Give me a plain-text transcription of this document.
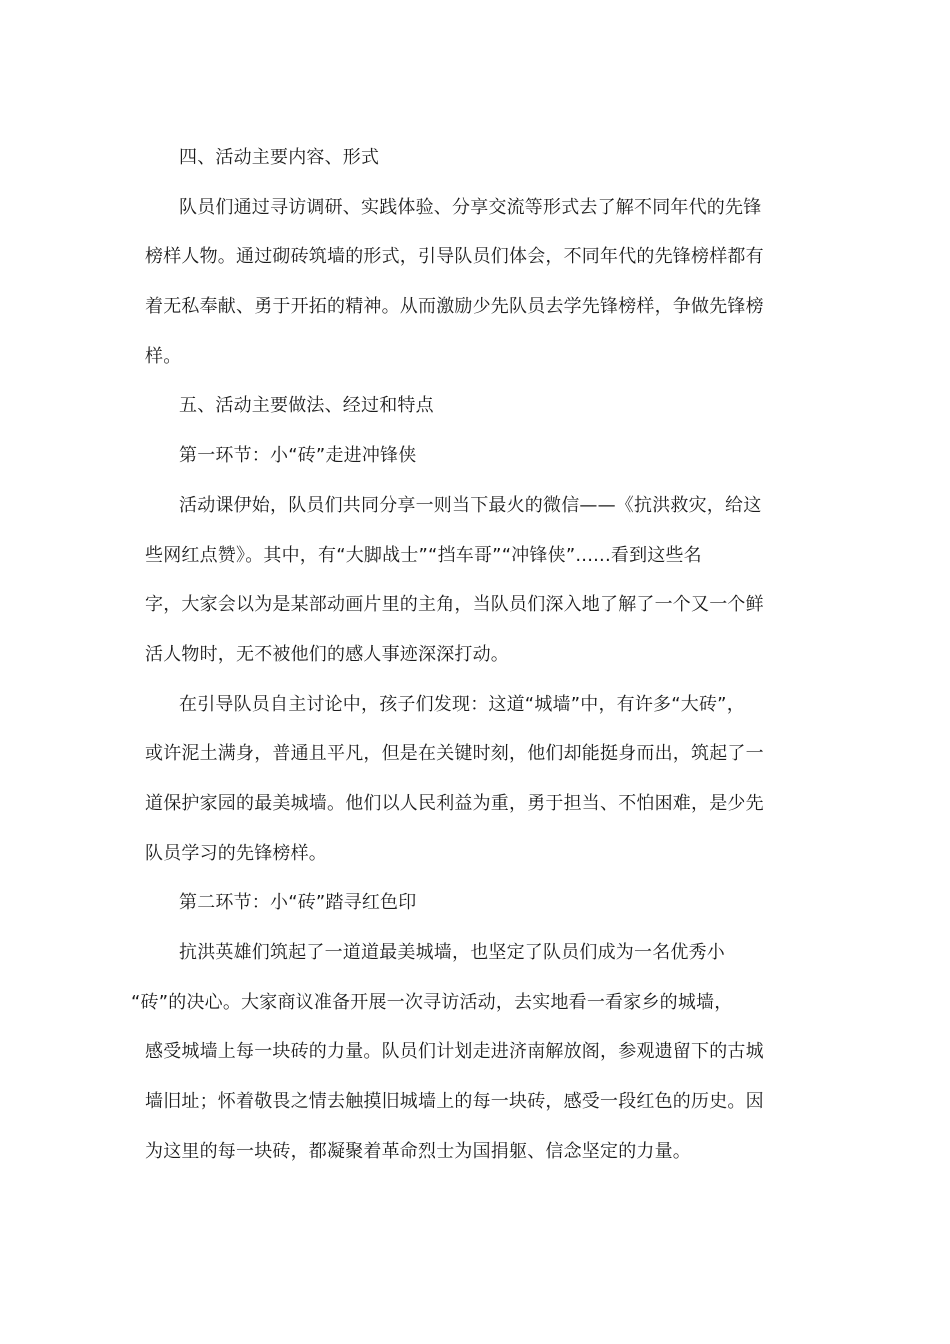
四、活动主要内容、形式
队员们通过寻访调研、实践体验、分享交流等形式去了解不同年代的先锋
榜样人物。通过砌砖筑墙的形式，引导队员们体会，不同年代的先锋榜样都有
着无私奉献、勇于开拓的精神。从而激励少先队员去学先锋榜样，争做先锋榜
样。
五、活动主要做法、经过和特点
第一环节：小“砖”走进冲锋侠
活动课伊始，队员们共同分享一则当下最火的微信——《抗洪救灾，给这
些网红点赞》。其中，有“大脚战士”“挡车哥”“冲锋侠”......看到这些名
字，大家会以为是某部动画片里的主角，当队员们深入地了解了一个又一个鲜
活人物时，无不被他们的感人事迹深深打动。
在引导队员自主讨论中，孩子们发现：这道“城墙”中，有许多“大砖”，
或许泥土满身，普通且平凡，但是在关键时刻，他们却能挺身而出，筑起了一
道保护家园的最美城墙。他们以人民利益为重，勇于担当、不怕困难，是少先
队员学习的先锋榜样。
第二环节：小“砖”踏寻红色印
抗洪英雄们筑起了一道道最美城墙，也坚定了队员们成为一名优秀小
“砖”的决心。大家商议准备开展一次寻访活动，去实地看一看家乡的城墙，
感受城墙上每一块砖的力量。队员们计划走进济南解放阁，参观遗留下的古城
墙旧址；怀着敬畏之情去触摸旧城墙上的每一块砖，感受一段红色的历史。因
为这里的每一块砖，都凝聚着革命烈士为国捐躯、信念坚定的力量。
